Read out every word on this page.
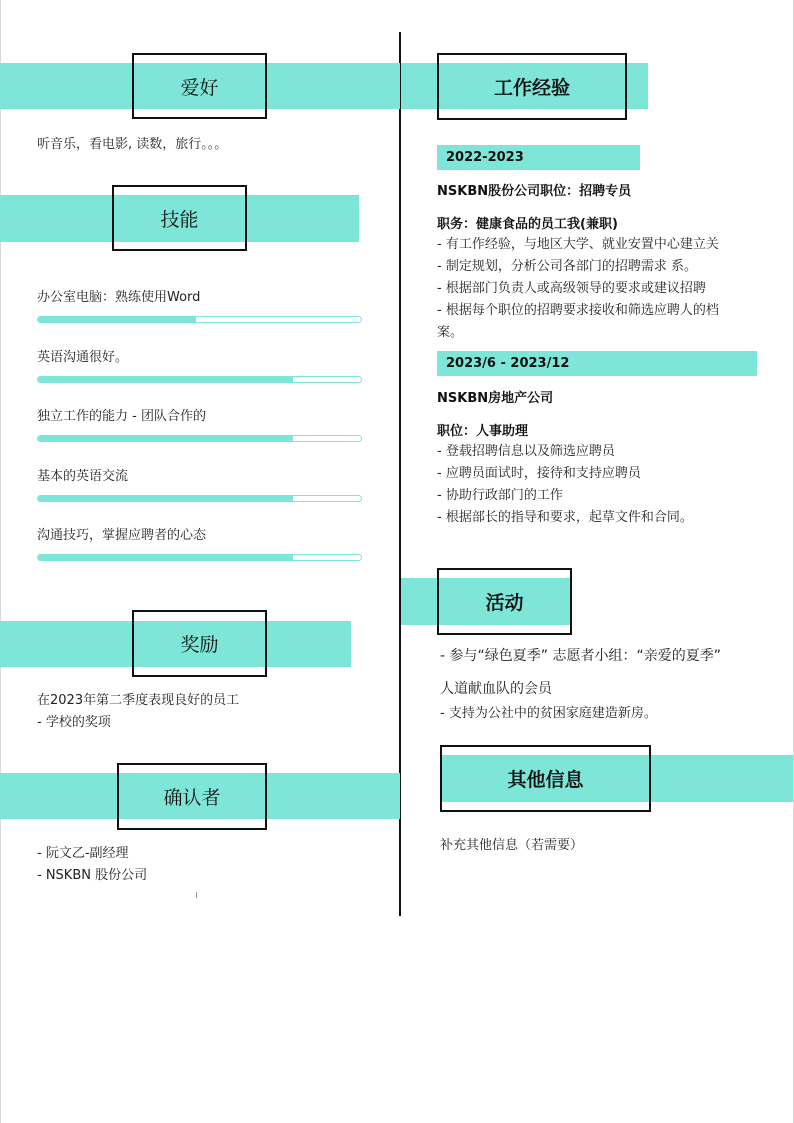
爱好
听音乐，看电影, 读数，旅行。。。
技能
办公室电脑：熟练使用Word
英语沟通很好。
独立工作的能力 - 团队合作的
基本的英语交流
沟通技巧，掌握应聘者的心态
奖励
在2023年第二季度表现良好的员工
- 学校的奖项
确认者
- 阮文乙-副经理
- NSKBN 股份公司
工作经验
2022-2023
NSKBN股份公司职位：招聘专员
职务：健康食品的员工我(兼职)
- 有工作经验，与地区大学、就业安置中心建立关
- 制定规划，分析公司各部门的招聘需求 系。
- 根据部门负责人或高级领导的要求或建议招聘
- 根据每个职位的招聘要求接收和筛选应聘人的档
案。
2023/6 - 2023/12
NSKBN房地产公司
职位：人事助理
- 登载招聘信息以及筛选应聘员
- 应聘员面试时，接待和支持应聘员
- 协助行政部门的工作
- 根据部长的指导和要求，起草文件和合同。
活动
- 参与“绿色夏季” 志愿者小组：“亲爱的夏季”
人道献血队的会员
- 支持为公社中的贫困家庭建造新房。
其他信息
补充其他信息（若需要）
